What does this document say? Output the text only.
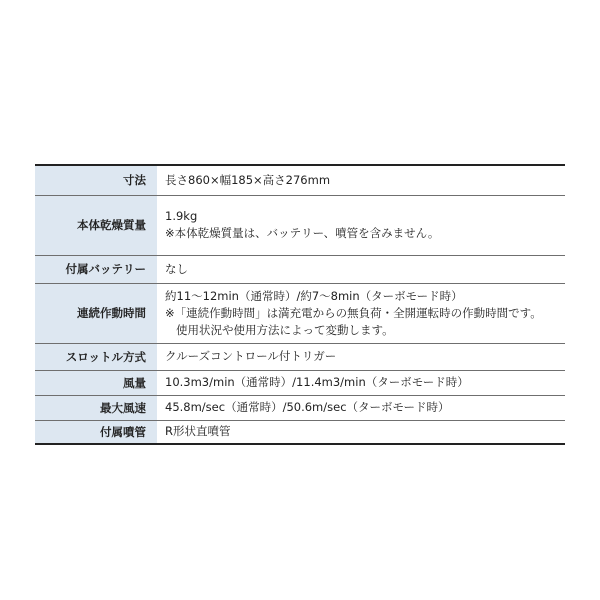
寸法	長さ860×幅185×高さ276mm
本体乾燥質量	1.9kg
※本体乾燥質量は、バッテリー、噴管を含みません。

付属バッテリー	なし
連続作動時間	約11〜12min（通常時）/約7〜8min（ターボモード時）
※「連続作動時間」は満充電からの無負荷・全開運転時の作動時間です。
使用状況や使用方法によって変動します。

スロットル方式	クルーズコントロール付トリガー
風量	10.3m3/min（通常時）/11.4m3/min（ターボモード時）
最大風速	45.8m/sec（通常時）/50.6m/sec（ターボモード時）
付属噴管	R形状直噴管
